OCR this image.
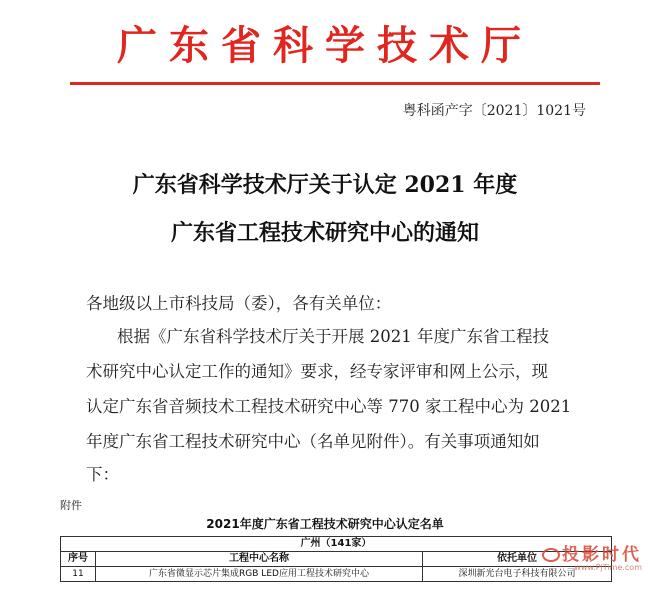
广东省科学技术厅
粤科函产字〔2021〕1021号
广东省科学技术厅关于认定 2021 年度
广东省工程技术研究中心的通知
各地级以上市科技局（委），各有关单位：
根据《广东省科学技术厅关于开展 2021 年度广东省工程技
术研究中心认定工作的通知》要求，经专家评审和网上公示，现
认定广东省音频技术工程技术研究中心等 770 家工程中心为 2021
年度广东省工程技术研究中心（名单见附件）。有关事项通知如
下：
附件
2021年度广东省工程技术研究中心认定名单
广州（141家）		
序号	工程中心名称	依托单位
11	广东省微显示芯片集成RGB LED应用工程技术研究中心	深圳新光台电子科技有限公司
投影时代
www.PjTime.com
